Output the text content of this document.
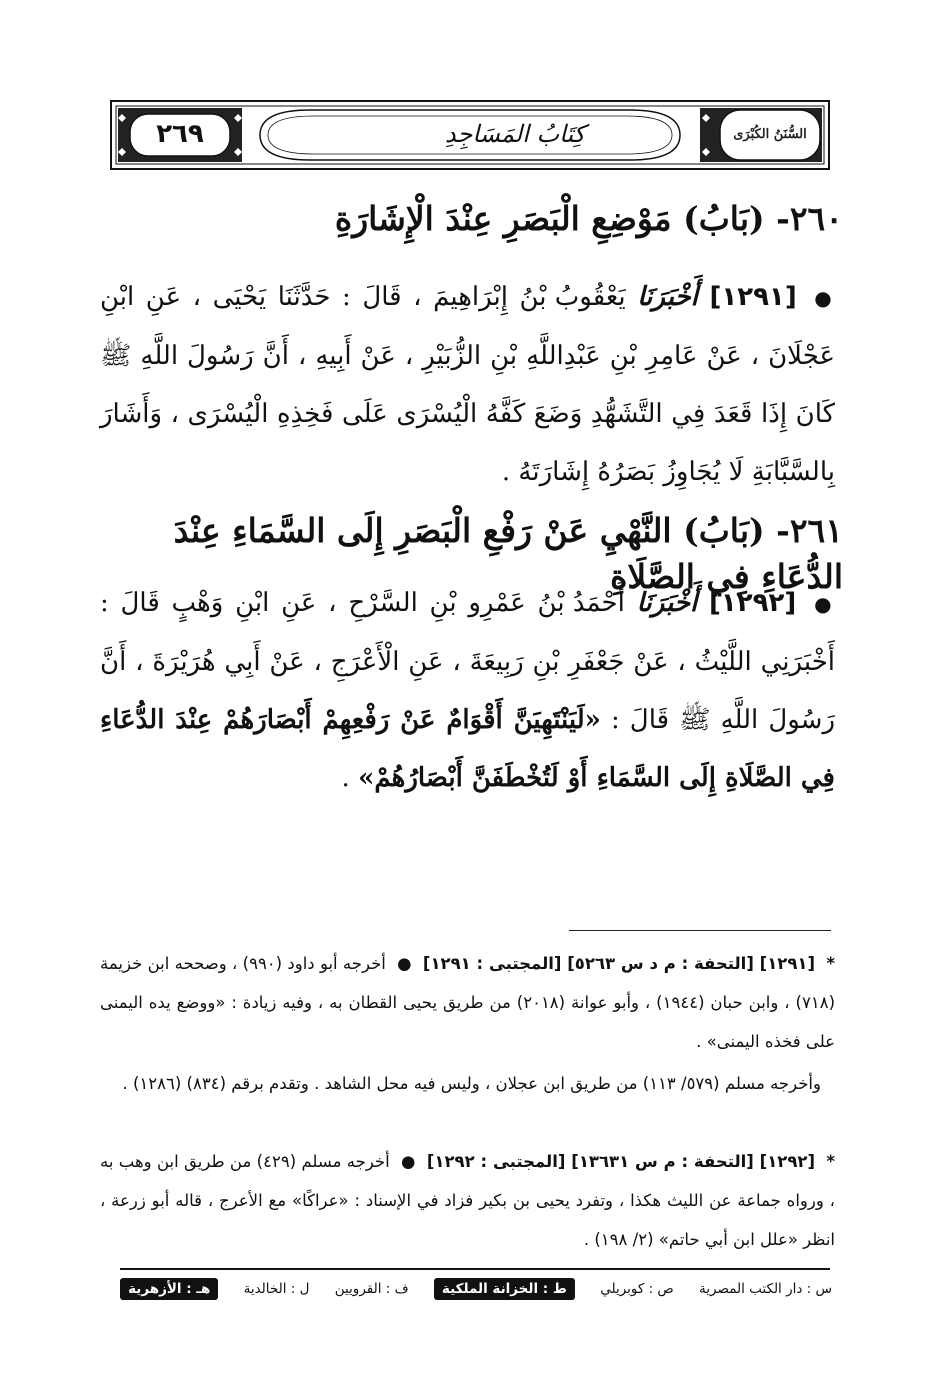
٢٦٩	كِتَابُ المَسَاجِدِ	السُّنَنُ الكُبْرَى
٢٦٠- (بَابُ) مَوْضِعِ الْبَصَرِ عِنْدَ الْإِشَارَةِ
● [١٢٩١] أَخْبَرَنَا يَعْقُوبُ بْنُ إِبْرَاهِيمَ ، قَالَ : حَدَّثَنَا يَحْيَى ، عَنِ ابْنِ عَجْلَانَ ، عَنْ عَامِرِ بْنِ عَبْدِاللَّهِ بْنِ الزُّبَيْرِ ، عَنْ أَبِيهِ ، أَنَّ رَسُولَ اللَّهِ ﷺ كَانَ إِذَا قَعَدَ فِي التَّشَهُّدِ وَضَعَ كَفَّهُ الْيُسْرَى عَلَى فَخِذِهِ الْيُسْرَى ، وَأَشَارَ بِالسَّبَّابَةِ لَا يُجَاوِزُ بَصَرُهُ إِشَارَتَهُ .
٢٦١- (بَابُ) النَّهْيِ عَنْ رَفْعِ الْبَصَرِ إِلَى السَّمَاءِ عِنْدَ الدُّعَاءِ فِي الصَّلَاةِ
● [١٢٩٢] أَخْبَرَنَا أَحْمَدُ بْنُ عَمْرِو بْنِ السَّرْحِ ، عَنِ ابْنِ وَهْبٍ قَالَ : أَخْبَرَنِي اللَّيْثُ ، عَنْ جَعْفَرِ بْنِ رَبِيعَةَ ، عَنِ الْأَعْرَجِ ، عَنْ أَبِي هُرَيْرَةَ ، أَنَّ رَسُولَ اللَّهِ ﷺ قَالَ : «لَيَنْتَهِيَنَّ أَقْوَامٌ عَنْ رَفْعِهِمْ أَبْصَارَهُمْ عِنْدَ الدُّعَاءِ فِي الصَّلَاةِ إِلَى السَّمَاءِ أَوْ لَتُخْطَفَنَّ أَبْصَارُهُمْ» .
* [١٢٩١] [التحفة : م د س ٥٢٦٣] [المجتبى : ١٢٩١] ● أخرجه أبو داود (٩٩٠) ، وصححه ابن خزيمة (٧١٨) ، وابن حبان (١٩٤٤) ، وأبو عوانة (٢٠١٨) من طريق يحيى القطان به ، وفيه زيادة : «ووضع يده اليمنى على فخذه اليمنى» .
وأخرجه مسلم (٥٧٩/ ١١٣) من طريق ابن عجلان ، وليس فيه محل الشاهد . وتقدم برقم (٨٣٤) (١٢٨٦) .
* [١٢٩٢] [التحفة : م س ١٣٦٣١] [المجتبى : ١٢٩٢] ● أخرجه مسلم (٤٢٩) من طريق ابن وهب به ، ورواه جماعة عن الليث هكذا ، وتفرد يحيى بن بكير فزاد في الإسناد : «عراكًا» مع الأعرج ، قاله أبو زرعة ، انظر «علل ابن أبي حاتم» (٢/ ١٩٨) .
س : دار الكتب المصرية
ص : كوبريلي
ط : الخزانة الملكية
ف : القرويين
ل : الخالدية
هـ : الأزهرية
